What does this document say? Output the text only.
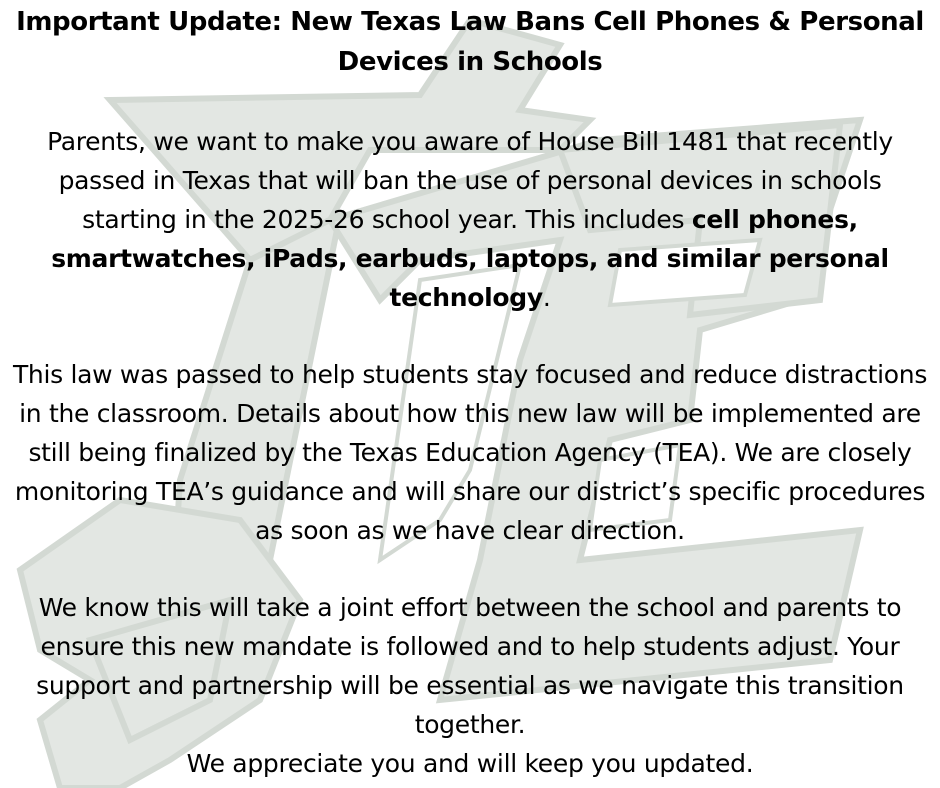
Important Update: New Texas Law Bans Cell Phones & Personal Devices in Schools

Parents, we want to make you aware of House Bill 1481 that recently passed in Texas that will ban the use of personal devices in schools starting in the 2025-26 school year. This includes cell phones, smartwatches, iPads, earbuds, laptops, and similar personal technology.

This law was passed to help students stay focused and reduce distractions in the classroom. Details about how this new law will be implemented are still being finalized by the Texas Education Agency (TEA). We are closely monitoring TEA’s guidance and will share our district’s specific procedures as soon as we have clear direction.

We know this will take a joint effort between the school and parents to ensure this new mandate is followed and to help students adjust. Your support and partnership will be essential as we navigate this transition together.

We appreciate you and will keep you updated.
